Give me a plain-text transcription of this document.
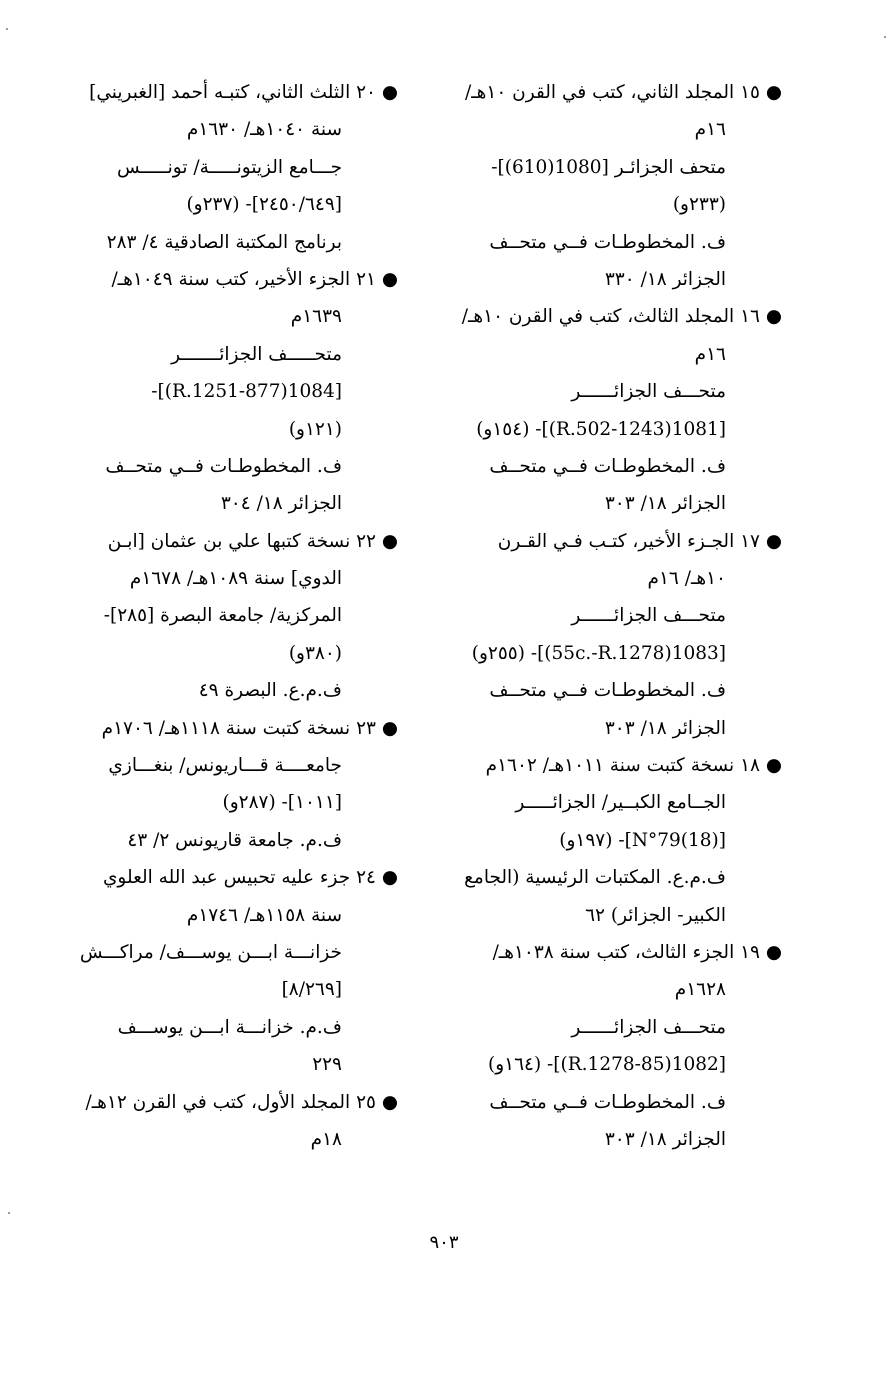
● ١٥ المجلد الثاني، كتب في القرن ١٠هـ/
١٦م
متحف الجزائـر [1080(610)]-
(٢٣٣و)
ف. المخطوطـات فــي متحــف
الجزائر ١٨/ ٣٣٠
● ١٦ المجلد الثالث، كتب في القرن ١٠هـ/
١٦م
متحـــف الجزائــــــر
[1081(1243-R.502)]- (١٥٤و)
ف. المخطوطـات فــي متحــف
الجزائر ١٨/ ٣٠٣
● ١٧ الجـزء الأخير، كتـب فـي القـرن
١٠هـ/ ١٦م
متحـــف الجزائــــــر
[1083(55c.-R.1278)]- (٢٥٥و)
ف. المخطوطـات فــي متحــف
الجزائر ١٨/ ٣٠٣
● ١٨ نسخة كتبت سنة ١٠١١هـ/ ١٦٠٢م
الجــامع الكبــير/ الجزائـــــر
[N°79(18)]- (١٩٧و)
ف.م.ع. المكتبات الرئيسية (الجامع
الكبير- الجزائر) ٦٢
● ١٩ الجزء الثالث، كتب سنة ١٠٣٨هـ/
١٦٢٨م
متحـــف الجزائــــــر
[1082(85-R.1278)]- (١٦٤و)
ف. المخطوطـات فــي متحــف
الجزائر ١٨/ ٣٠٣
● ٢٠ الثلث الثاني، كتبـه أحمد [الغبريني]
سنة ١٠٤٠هـ/ ١٦٣٠م
جـــامع الزيتونـــــة/ تونـــــس
[٢٤٥٠/٦٤٩]- (٢٣٧و)
برنامج المكتبة الصادقية ٤/ ٢٨٣
● ٢١ الجزء الأخير، كتب سنة ١٠٤٩هـ/
١٦٣٩م
متحـــــف الجزائـــــــر
[1084(877-R.1251)]-
(١٢١و)
ف. المخطوطـات فــي متحــف
الجزائر ١٨/ ٣٠٤
● ٢٢ نسخة كتبها علي بن عثمان [ابـن
الدوي] سنة ١٠٨٩هـ/ ١٦٧٨م
المركزية/ جامعة البصرة [٢٨٥]-
(٣٨٠و)
ف.م.ع. البصرة ٤٩
● ٢٣ نسخة كتبت سنة ١١١٨هـ/ ١٧٠٦م
جامعــــة قـــاريونس/ بنغـــازي
[١٠١١]- (٢٨٧و)
ف.م. جامعة قاريونس ٢/ ٤٣
● ٢٤ جزء عليه تحبيس عبد الله العلوي
سنة ١١٥٨هـ/ ١٧٤٦م
خزانـــة ابـــن يوســـف/ مراكـــش
[٨/٢٦٩]
ف.م. خزانـــة ابـــن يوســـف
٢٢٩
● ٢٥ المجلد الأول، كتب في القرن ١٢هـ/
١٨م
٩٠٣
